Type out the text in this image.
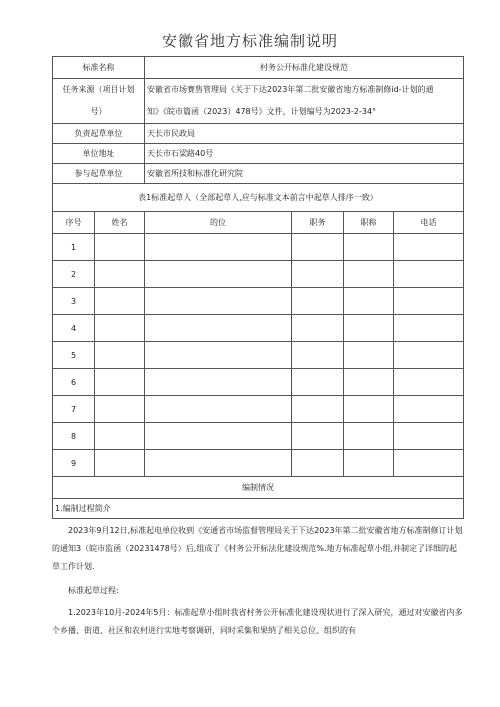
安徽省地方标准编制说明
标准名称		村务公开标准化建设规范			

任务来源（项目计划
号）		安徽省市场赛售管理局《关于下达2023年第二批安徽省地方标准制修id-计划的通
知》《皖市篇函（2023）478号》文件，计划编号为2023-2-34°			

负责起草单位		天长市民政局			
单位地址		天长市石梁路40号			
参与起草单位		安徽省所技和标准化研究院			
表1标准起草人（全部起草人,应与标准文本前言中起草人排序一致）					
序号	姓名	的位	职务	职称	电话
1					
2					
3					
4					
5					
6					
7					
8					
9					
编制情况					
1.编制过程简介					

2023年9月12日,标准起电单位收到《安通省市场监督管理局关于下达2023年第二批安徽省地方标准制修订计划的通知3（皖市监函（20231478号）后,组成了《村务公开标法化建设规范%.地方标准起草小组,并制定了详细的起草工作计划.

标准起草过程:

1.2023年10月-2024年5月：标准起草小组时我省村务公开标准化建设现状进行了深入研究，通过对安徽省内多个乡播、街道、社区和农村进行实地考察调研，同时采集和果纳了相关总位、组织的有
